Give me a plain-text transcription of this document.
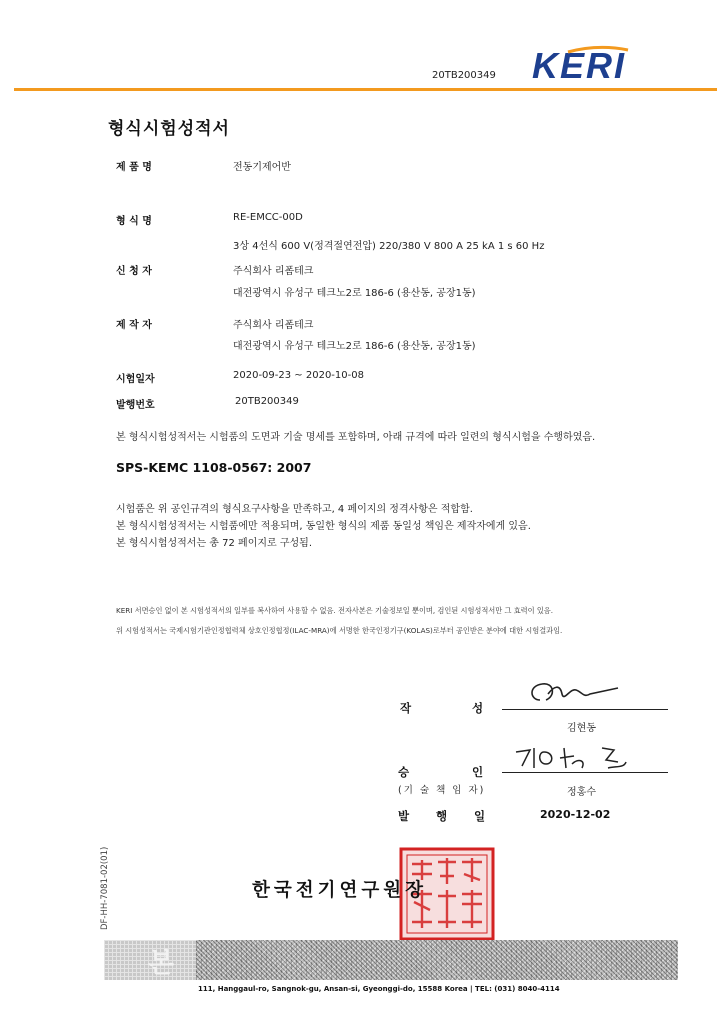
20TB200349 KERI
형식시험성적서
제 품 명	전동기제어반
형 식 명	RE-EMCC-00D
3상 4선식 600 V(정격절연전압) 220/380 V 800 A 25 kA 1 s 60 Hz
신 청 자	주식회사 리폼테크
대전광역시 유성구 테크노2로 186-6 (용산동, 공장1동)
제 작 자	주식회사 리폼테크
대전광역시 유성구 테크노2로 186-6 (용산동, 공장1동)
시험일자	2020-09-23 ~ 2020-10-08
발행번호	20TB200349
본 형식시험성적서는 시험품의 도면과 기술 명세를 포함하며, 아래 규격에 따라 일련의 형식시험을 수행하였음.
SPS-KEMC 1108-0567: 2007
시험품은 위 공인규격의 형식요구사항을 만족하고, 4 페이지의 정격사항은 적합함.
본 형식시험성적서는 시험품에만 적용되며, 동일한 형식의 제품 동일성 책임은 제작자에게 있음.
본 형식시험성적서는 총 72 페이지로 구성됨.
KERI 서면승인 없이 본 시험성적서의 일부를 복사하여 사용할 수 없음. 전자사본은 기술정보일 뿐이며, 검인된 시험성적서만 그 효력이 있음.
위 시험성적서는 국제시험기관인정협력체 상호인정협정(ILAC-MRA)에 서명한 한국인정기구(KOLAS)로부터 공인받은 분야에 대한 시험결과임.
작	성
김현동
승	인
(기 술 책 임 자)	정홍수
발 행 일	2020-12-02
DF-HH-7081-02(01)	한국전기연구원장
본
111, Hanggaul-ro, Sangnok-gu, Ansan-si, Gyeonggi-do, 15588 Korea | TEL: (031) 8040-4114
